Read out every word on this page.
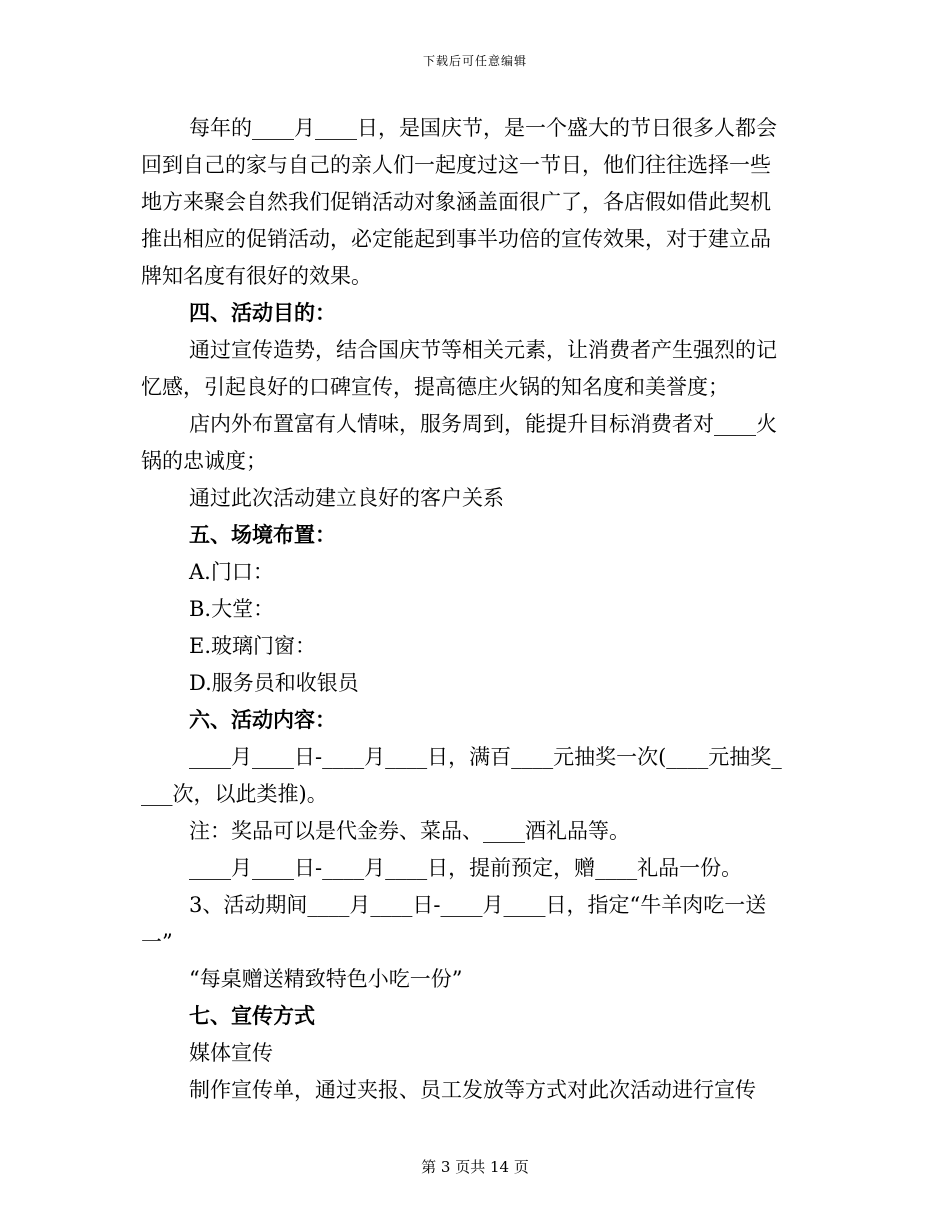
下载后可任意编辑
每年的____月____日，是国庆节，是一个盛大的节日很多人都会
回到自己的家与自己的亲人们一起度过这一节日，他们往往选择一些
地方来聚会自然我们促销活动对象涵盖面很广了，各店假如借此契机
推出相应的促销活动，必定能起到事半功倍的宣传效果，对于建立品
牌知名度有很好的效果。
四、活动目的：
通过宣传造势，结合国庆节等相关元素，让消费者产生强烈的记
忆感，引起良好的口碑宣传，提高德庄火锅的知名度和美誉度；
店内外布置富有人情味，服务周到，能提升目标消费者对____火
锅的忠诚度；
通过此次活动建立良好的客户关系
五、场境布置：
A.门口：
B.大堂：
E.玻璃门窗：
D.服务员和收银员
六、活动内容：
____月____日-____月____日，满百____元抽奖一次(____元抽奖_
___次，以此类推)。
注：奖品可以是代金券、菜品、____酒礼品等。
____月____日-____月____日，提前预定，赠____礼品一份。
3、活动期间____月____日-____月____日，指定“牛羊肉吃一送
一”
“每桌赠送精致特色小吃一份”
七、宣传方式
媒体宣传
制作宣传单，通过夹报、员工发放等方式对此次活动进行宣传
第 3 页共 14 页
